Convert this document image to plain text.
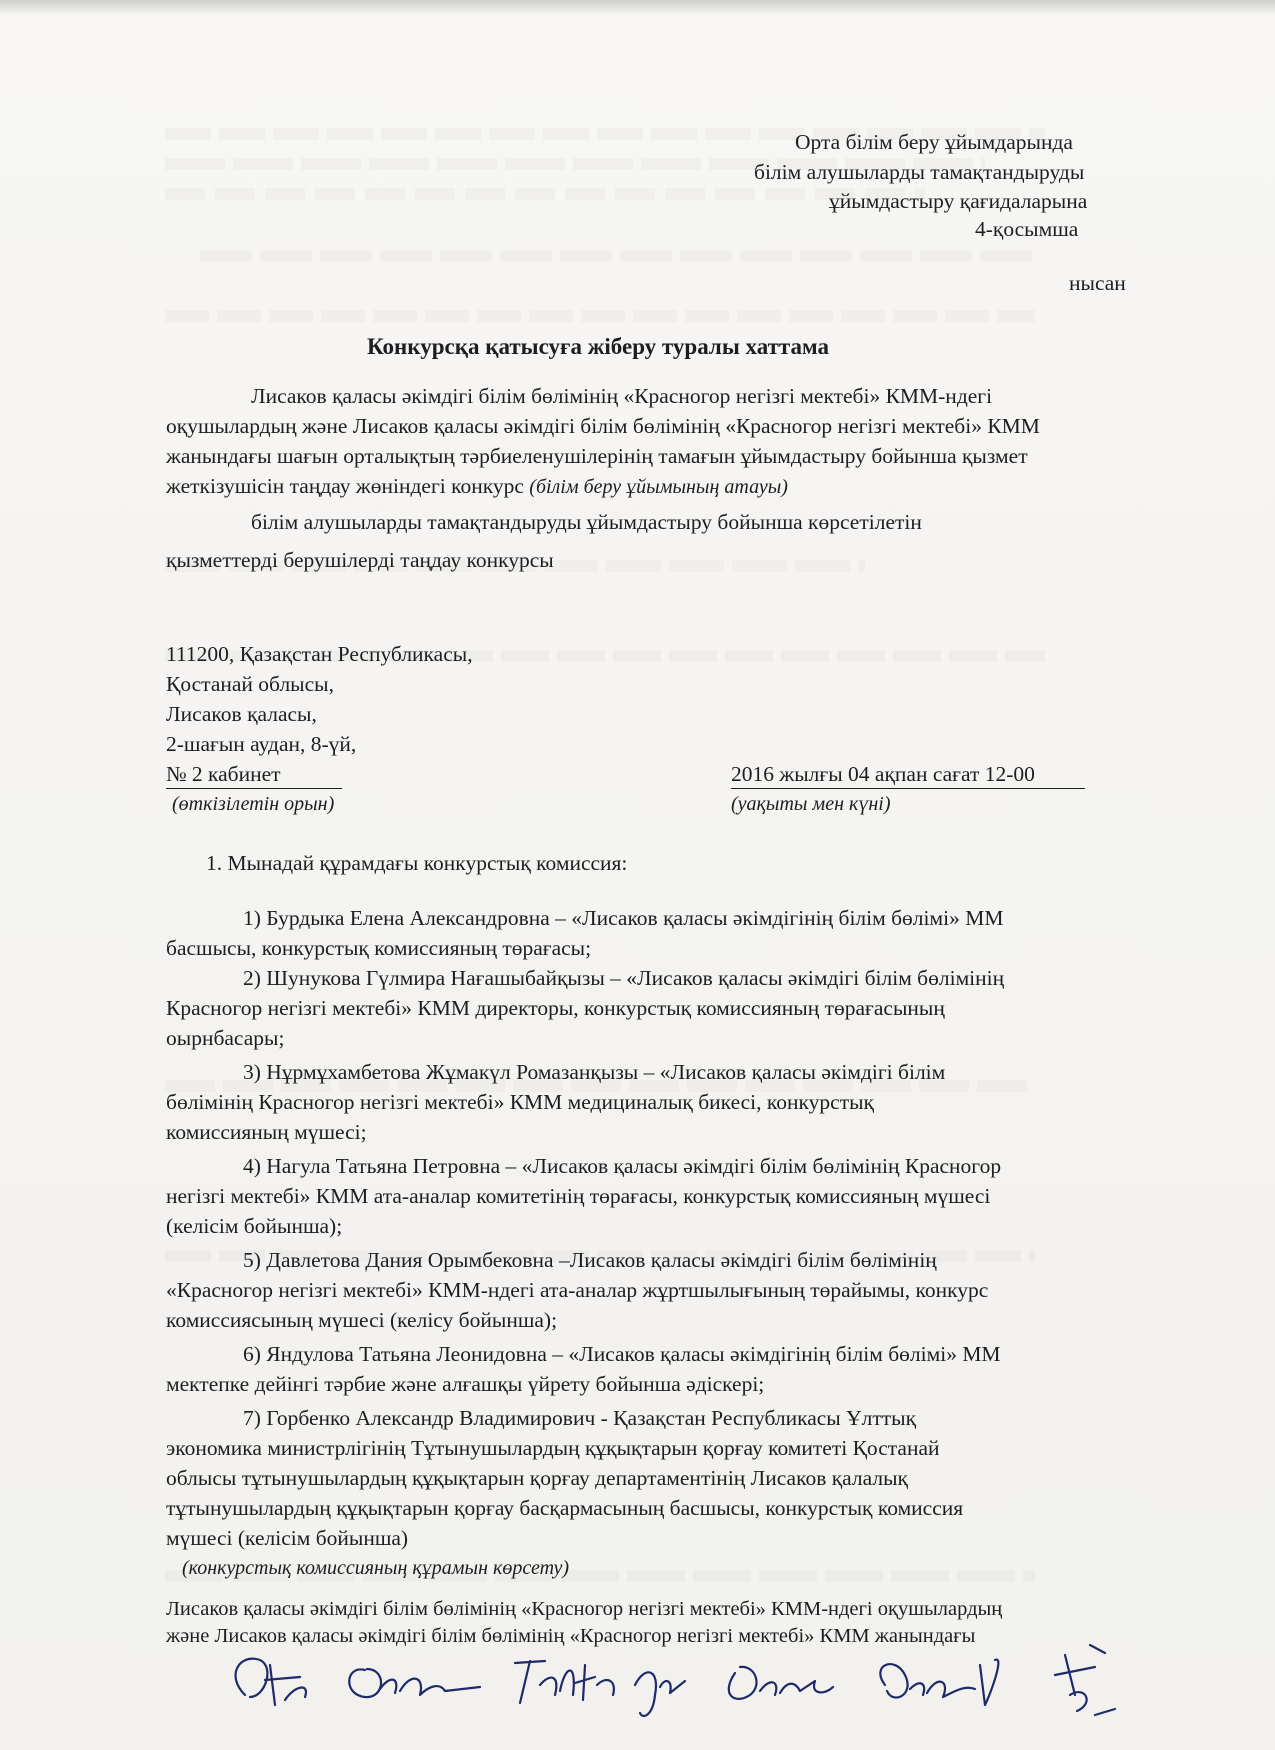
Орта білім беру ұйымдарында
білім алушыларды тамақтандыруды
ұйымдастыру қағидаларына
4-қосымша
нысан
Конкурсқа қатысуға жіберу туралы хаттама
Лисаков қаласы әкімдігі білім бөлімінің «Красногор негізгі мектебі» КММ-ндегі
оқушылардың және Лисаков қаласы әкімдігі білім бөлімінің «Красногор негізгі мектебі» КММ
жанындағы шағын орталықтың тәрбиеленушілерінің тамағын ұйымдастыру бойынша қызмет
жеткізушісін таңдау жөніндегі конкурс (білім беру ұйымының атауы)
білім алушыларды тамақтандыруды ұйымдастыру бойынша көрсетілетін
қызметтерді берушілерді таңдау конкурсы
111200, Қазақстан Республикасы,
Қостанай облысы,
Лисаков қаласы,
2-шағын аудан, 8-үй,
№ 2 кабинет
(өткізілетін орын)
2016 жылғы 04 ақпан сағат 12-00
(уақыты мен күні)
1. Мынадай құрамдағы конкурстық комиссия:
1) Бурдыка Елена Александровна – «Лисаков қаласы әкімдігінің білім бөлімі» ММ
басшысы, конкурстық комиссияның төрағасы;
2) Шунукова Гүлмира Нағашыбайқызы – «Лисаков қаласы әкімдігі білім бөлімінің
Красногор негізгі мектебі» КММ директоры, конкурстық комиссияның төрағасының
оырнбасары;
3) Нұрмұхамбетова Жұмакүл Ромазанқызы – «Лисаков қаласы әкімдігі білім
бөлімінің Красногор негізгі мектебі» КММ медициналық бикесі, конкурстық
комиссияның мүшесі;
4) Нагула Татьяна Петровна – «Лисаков қаласы әкімдігі білім бөлімінің Красногор
негізгі мектебі» КММ ата-аналар комитетінің төрағасы, конкурстық комиссияның мүшесі
(келісім бойынша);
5) Давлетова Дания Орымбековна –Лисаков қаласы әкімдігі білім бөлімінің
«Красногор негізгі мектебі» КММ-ндегі ата-аналар жұртшылығының төрайымы, конкурс
комиссиясының мүшесі (келісу бойынша);
6) Яндулова Татьяна Леонидовна – «Лисаков қаласы әкімдігінің білім бөлімі» ММ
мектепке дейінгі тәрбие және алғашқы үйрету бойынша әдіскері;
7) Горбенко Александр Владимирович - Қазақстан Республикасы Ұлттық
экономика министрлігінің Тұтынушылардың құқықтарын қорғау комитеті Қостанай
облысы тұтынушылардың құқықтарын қорғау департаментінің Лисаков қалалық
тұтынушылардың құқықтарын қорғау басқармасының басшысы, конкурстық комиссия
мүшесі (келісім бойынша)
(конкурстық комиссияның құрамын көрсету)
Лисаков қаласы әкімдігі білім бөлімінің «Красногор негізгі мектебі» КММ-ндегі оқушылардың
және Лисаков қаласы әкімдігі білім бөлімінің «Красногор негізгі мектебі» КММ жанындағы
